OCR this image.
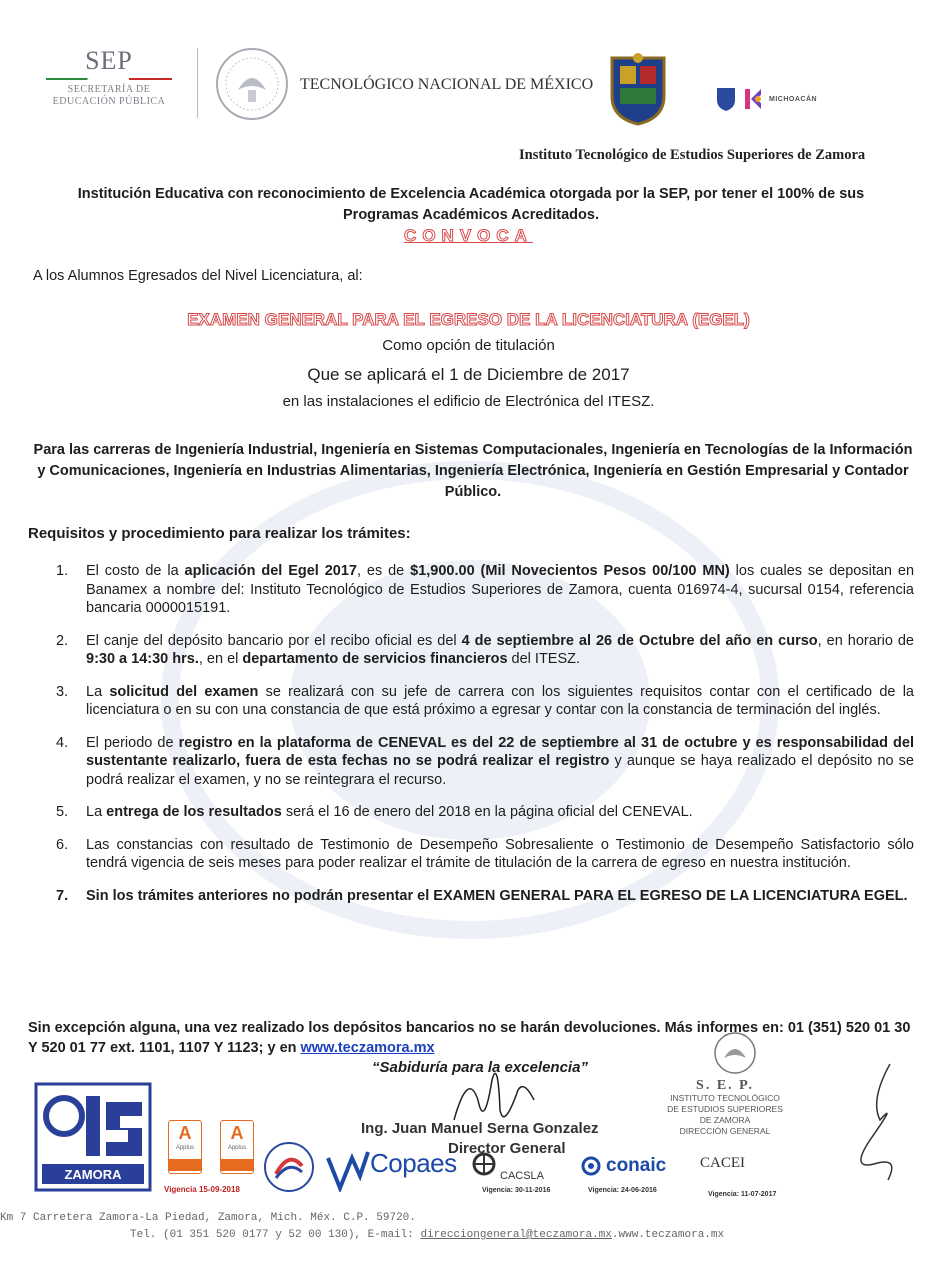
SEP
SECRETARÍA DE
EDUCACIÓN PÚBLICA
TECNOLÓGICO NACIONAL DE MÉXICO
MICHOACÁN
Instituto Tecnológico de Estudios Superiores de Zamora
Institución Educativa con reconocimiento de Excelencia Académica otorgada por la SEP, por tener el 100% de sus Programas Académicos Acreditados.
CONVOCA
A los Alumnos Egresados del Nivel Licenciatura, al:
EXAMEN GENERAL PARA EL EGRESO DE LA LICENCIATURA (EGEL)
Como opción de titulación
Que se aplicará el 1 de Diciembre de 2017
en las instalaciones el edificio de Electrónica del ITESZ.
Para las carreras de Ingeniería Industrial, Ingeniería en Sistemas Computacionales, Ingeniería en Tecnologías de la Información y Comunicaciones, Ingeniería en Industrias Alimentarias, Ingeniería Electrónica, Ingeniería en Gestión Empresarial y Contador Público.
Requisitos y procedimiento para realizar los trámites:
1.	El costo de la aplicación del Egel 2017, es de $1,900.00 (Mil Novecientos Pesos 00/100 MN) los cuales se depositan en Banamex a nombre del: Instituto Tecnológico de Estudios Superiores de Zamora, cuenta 016974-4, sucursal 0154, referencia bancaria 0000015191.
2.	El canje del depósito bancario por el recibo oficial es del 4 de septiembre al 26 de Octubre del año en curso, en horario de 9:30 a 14:30 hrs., en el departamento de servicios financieros del ITESZ.
3.	La solicitud del examen se realizará con su jefe de carrera con los siguientes requisitos contar con el certificado de la licenciatura o en su con una constancia de que está próximo a egresar y contar con la constancia de terminación del inglés.
4.	El periodo de registro en la plataforma de CENEVAL es del 22 de septiembre al 31 de octubre y es responsabilidad del sustentante realizarlo, fuera de esta fechas no se podrá realizar el registro y aunque se haya realizado el depósito no se podrá realizar el examen, y no se reintegrara el recurso.
5.	La entrega de los resultados será el 16 de enero del 2018 en la página oficial del CENEVAL.
6.	Las constancias con resultado de Testimonio de Desempeño Sobresaliente o Testimonio de Desempeño Satisfactorio sólo tendrá vigencia de seis meses para poder realizar el trámite de titulación de la carrera de egreso en nuestra institución.
7.	Sin los trámites anteriores no podrán presentar el EXAMEN GENERAL PARA EL EGRESO DE LA LICENCIATURA EGEL.
Sin excepción alguna, una vez realizado los depósitos bancarios no se harán devoluciones. Más informes en: 01 (351) 520 01 30 Y 520 01 77 ext. 1101, 1107 Y 1123; y en www.teczamora.mx
“Sabiduría para la excelencia”
ZAMORA
A
Applus
A
Applus
Vigencia 15-09-2018
Copaes	CACSLA
Vigencia: 30-11-2016
conaic
Vigencia: 24-06-2016
CACEI
Vigencia: 11-07-2017
Ing. Juan Manuel Serna Gonzalez
Director General
S. E. P.
INSTITUTO TECNOLÓGICO
DE ESTUDIOS SUPERIORES
DE ZAMORA
DIRECCIÓN GENERAL
Km 7 Carretera Zamora-La Piedad, Zamora, Mich. Méx. C.P. 59720.
Tel. (01 351 520 0177 y 52 00 130), E-mail: direcciongeneral@teczamora.mx.www.teczamora.mx
